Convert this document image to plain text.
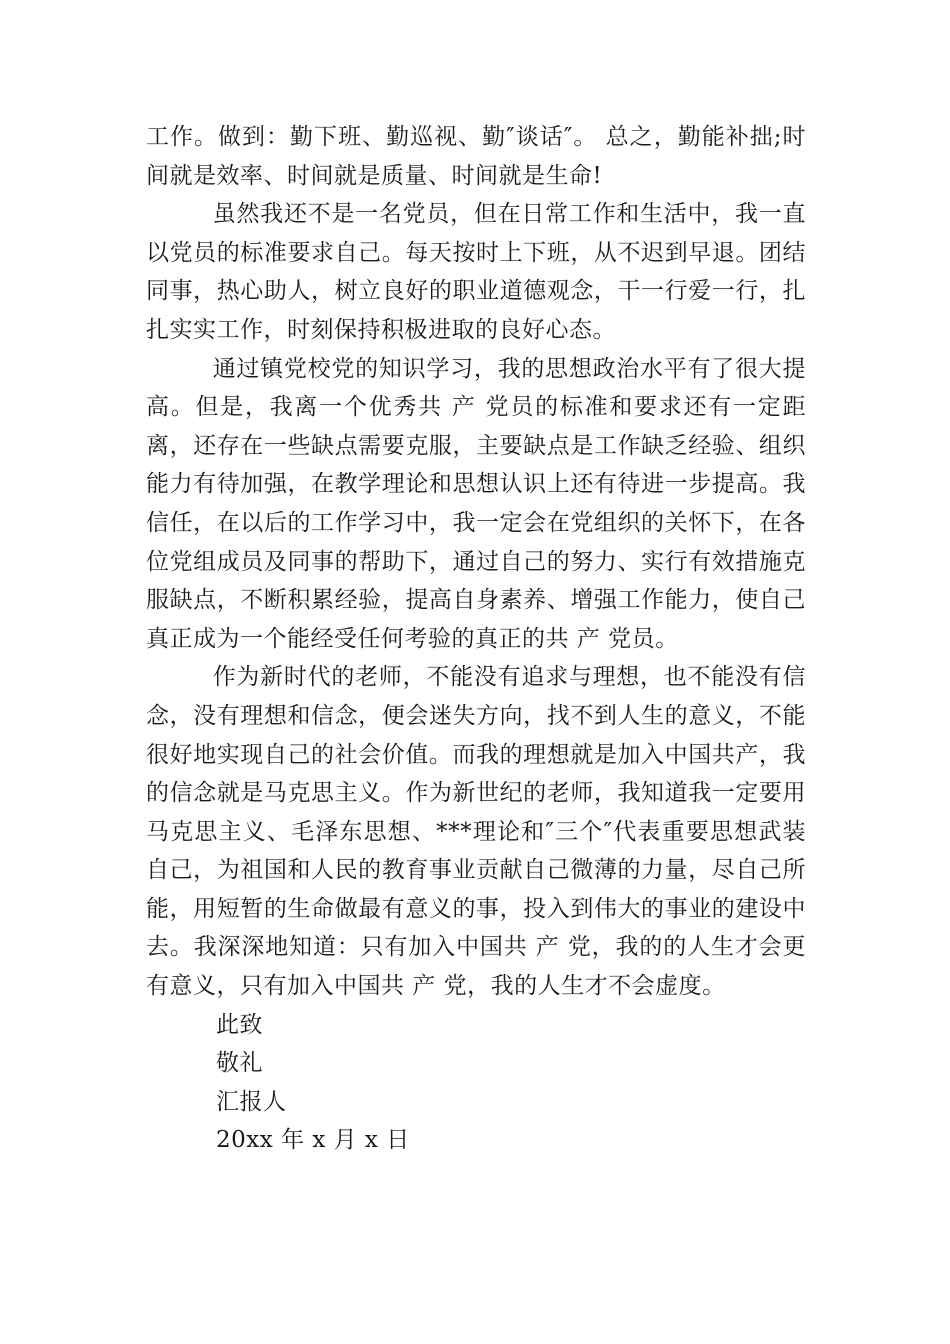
工作。做到：勤下班、勤巡视、勤″谈话″。 总之，勤能补拙;时间就是效率、时间就是质量、时间就是生命!

虽然我还不是一名党员，但在日常工作和生活中，我一直以党员的标准要求自己。每天按时上下班，从不迟到早退。团结同事，热心助人，树立良好的职业道德观念，干一行爱一行，扎扎实实工作，时刻保持积极进取的良好心态。

通过镇党校党的知识学习，我的思想政治水平有了很大提高。但是，我离一个优秀共 产 党员的标准和要求还有一定距离，还存在一些缺点需要克服，主要缺点是工作缺乏经验、组织能力有待加强，在教学理论和思想认识上还有待进一步提高。我信任，在以后的工作学习中，我一定会在党组织的关怀下，在各位党组成员及同事的帮助下，通过自己的努力、实行有效措施克服缺点，不断积累经验，提高自身素养、增强工作能力，使自己真正成为一个能经受任何考验的真正的共 产 党员。

作为新时代的老师，不能没有追求与理想，也不能没有信念，没有理想和信念，便会迷失方向，找不到人生的意义，不能很好地实现自己的社会价值。而我的理想就是加入中国共产，我的信念就是马克思主义。作为新世纪的老师，我知道我一定要用马克思主义、毛泽东思想、***理论和″三个″代表重要思想武装自己，为祖国和人民的教育事业贡献自己微薄的力量，尽自己所能，用短暂的生命做最有意义的事，投入到伟大的事业的建设中去。我深深地知道：只有加入中国共 产 党，我的的人生才会更有意义，只有加入中国共 产 党，我的人生才不会虚度。

此致

敬礼

汇报人

20xx 年 x 月 x 日
